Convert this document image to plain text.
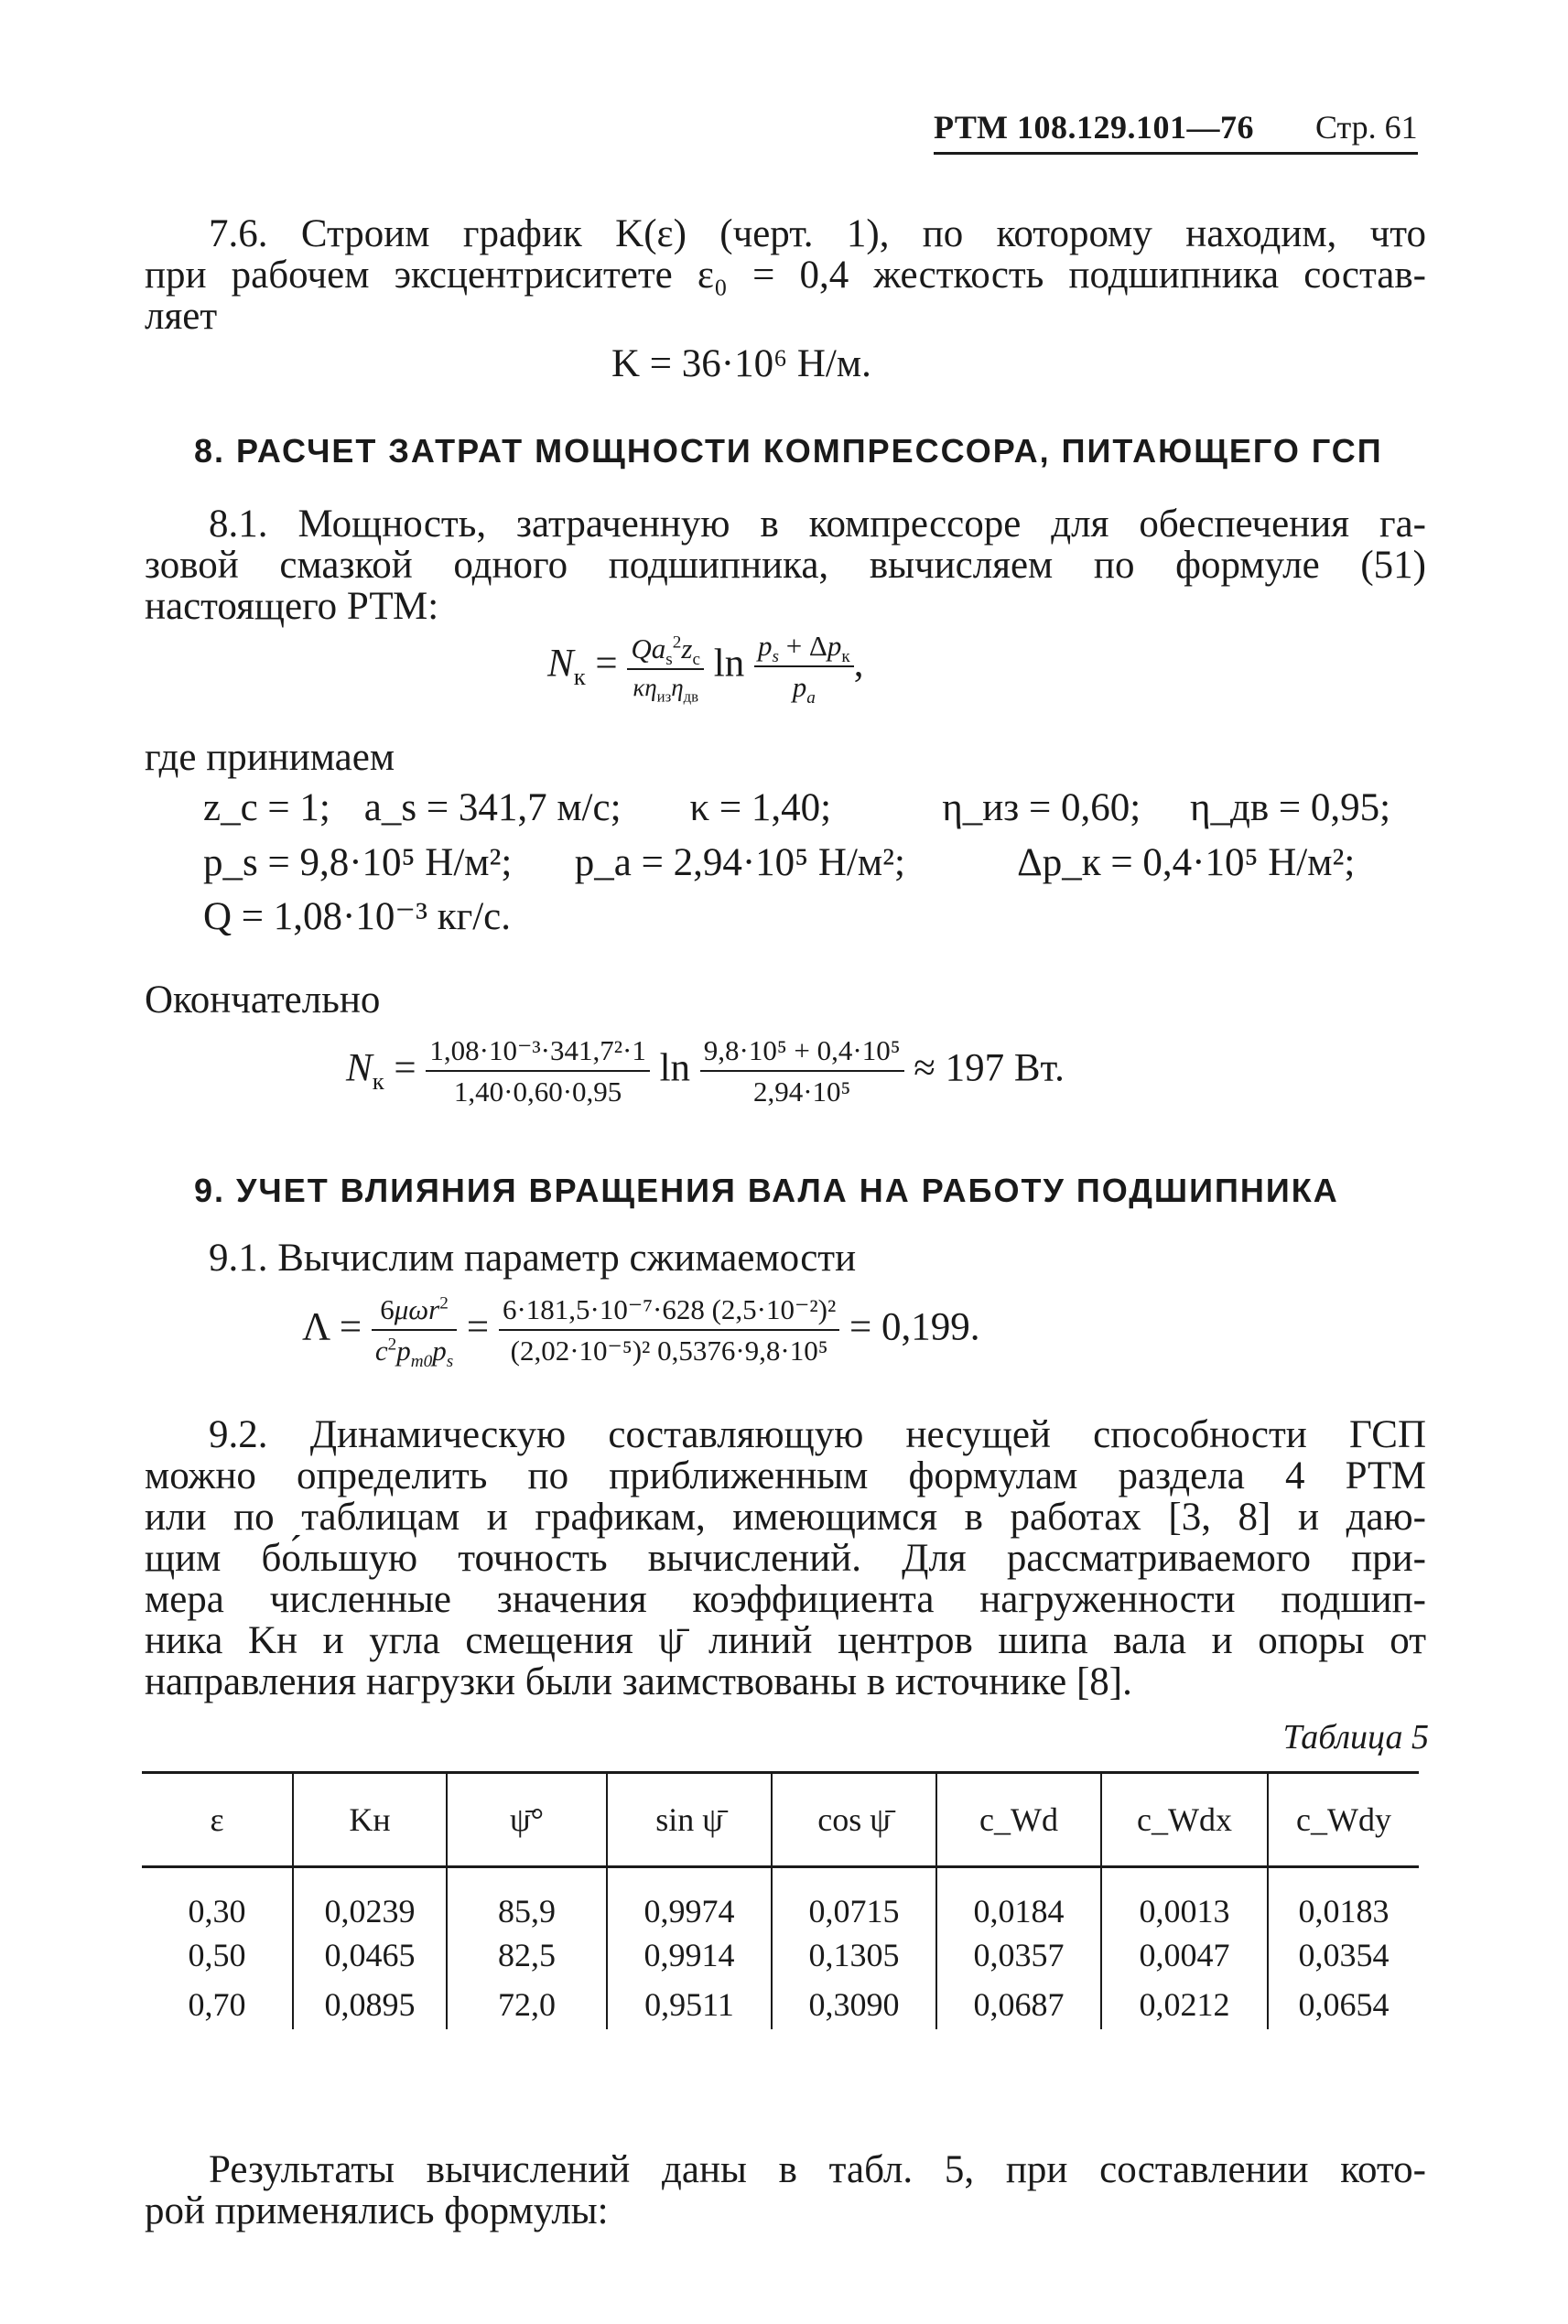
РТМ 108.129.101—76 Стр. 61
7.6. Строим график K(ε) (черт. 1), по которому находим, что
при рабочем эксцентриситете ε₀ = 0,4 жесткость подшипника состав-
ляет
K = 36·10⁶ Н/м.
8. РАСЧЕТ ЗАТРАТ МОЩНОСТИ КОМПРЕССОРА, ПИТАЮЩЕГО ГСП
8.1. Мощность, затраченную в компрессоре для обеспечения га-
зовой смазкой одного подшипника, вычисляем по формуле (51)
настоящего РТМ:
$N_к = \frac{Qa_s^2z_c}{\kappa\eta_{из}\eta_{дв}}$ $\ln \frac{p_s + \Delta p_к}{p_a}$ ,
где принимаем
z_c = 1; a_s = 341,7 м/с; κ = 1,40;	η_из = 0,60; η_дв = 0,95;
p_s = 9,8·10⁵ Н/м²; p_a = 2,94·10⁵ Н/м²;	Δp_к = 0,4·10⁵ Н/м²;
Q = 1,08·10⁻³ кг/с.
Окончательно
$N_к = \frac{\text{1,08·10⁻³·341,7²·1}}{1,40\cdot 0,60\cdot 0,95}$ $\ln \frac{\text{9,8·10⁵ + 0,4·10⁵}}{\text{2,94·10⁵}} \approx 197$ Вт.
9. УЧЕТ ВЛИЯНИЯ ВРАЩЕНИЯ ВАЛА НА РАБОТУ ПОДШИПНИКА
9.1. Вычислим параметр сжимаемости
$\Lambda = \frac{6\mu\omega r^2}{c^2p_{m0}p_s} = \frac{\text{6·181,5·10⁻⁷·628 (2,5·10⁻²)²}}{\text{(2,02·10⁻⁵)² 0,5376·9,8·10⁵}} = 0,199$.
9.2. Динамическую составляющую несущей способности ГСП
можно определить по приближенным формулам раздела 4 РТМ
или по таблицам и графикам, имеющимся в работах [3, 8] и даю-
щим бо́льшую точность вычислений. Для рассматриваемого при-
мера численные значения коэффициента нагруженности подшип-
ника Kн и угла смещения ψ̄ линий центров шипа вала и опоры от
направления нагрузки были заимствованы в источнике [8].
Таблица 5
ε	Kн	ψ̄°	sin ψ̄	cos ψ̄	c_Wd	c_Wdx	c_Wdy
0,30	0,0239	85,9	0,9974	0,0715	0,0184	0,0013	0,0183
0,50	0,0465	82,5	0,9914	0,1305	0,0357	0,0047	0,0354
0,70	0,0895	72,0	0,9511	0,3090	0,0687	0,0212	0,0654
Результаты вычислений даны в табл. 5, при составлении кото-
рой применялись формулы:
